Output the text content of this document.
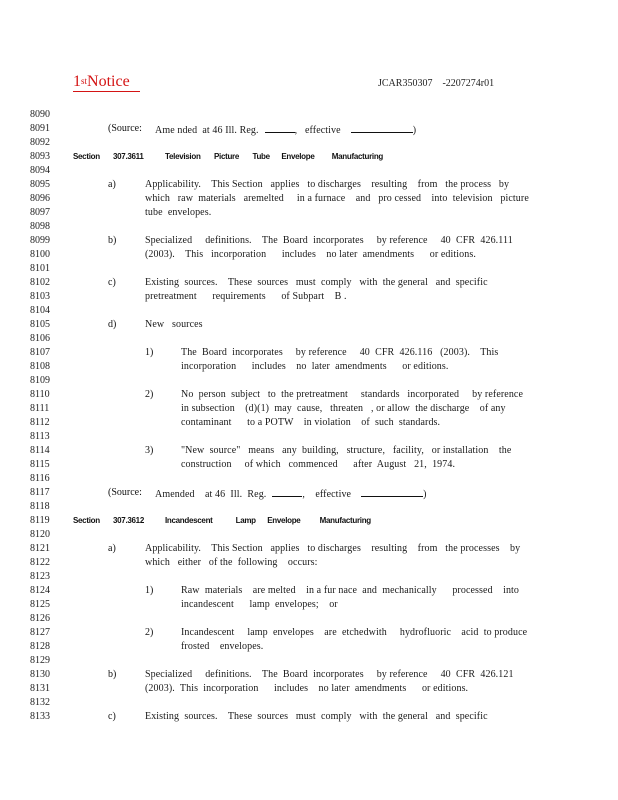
1stNotice	JCAR350307    -2207274r01
8090
8091	(Source: Ame nded  at 46 Ill. Reg.	,   effective	)
8092
8093	Section 307.3611	Television       Picture       Tube      Envelope         Manufacturing
8094
8095	a)	Applicability.    This Section   applies   to discharges    resulting    from   the process   by
8096	which   raw  materials   aremelted     in a furnace    and   pro cessed    into  television   picture
8097	tube  envelopes.
8098
8099	b)	Specialized     definitions.    The  Board  incorporates     by reference     40  CFR  426.111
8100	(2003).    This   incorporation      includes    no later  amendments      or editions.
8101
8102	c)	Existing  sources.    These  sources   must  comply   with  the general   and  specific
8103	pretreatment      requirements      of Subpart    B .
8104
8105	d)	New   sources
8106
8107	1)	The  Board  incorporates     by reference     40  CFR  426.116   (2003).    This
8108	incorporation      includes    no  later  amendments      or editions.
8109
8110	2)	No  person  subject   to  the pretreatment     standards   incorporated     by reference
8111	in subsection    (d)(1)  may  cause,   threaten   , or allow  the discharge    of any
8112	contaminant      to a POTW    in violation    of  such  standards.
8113
8114	3)	"New  source"   means   any  building,   structure,   facility,   or installation    the
8115	construction     of which   commenced      after  August   21,  1974.
8116
8117	(Source: Amended    at 46  Ill.  Reg.	,    effective	)
8118
8119	Section 307.3612	Incandescent            Lamp      Envelope          Manufacturing
8120
8121	a)	Applicability.    This Section   applies   to discharges    resulting    from   the processes    by
8122	which   either   of the  following    occurs:
8123
8124	1)	Raw  materials    are melted    in a fur nace  and  mechanically      processed    into
8125	incandescent      lamp  envelopes;    or
8126
8127	2)	Incandescent     lamp  envelopes    are  etchedwith     hydrofluoric    acid  to produce
8128	frosted    envelopes.
8129
8130	b)	Specialized     definitions.    The  Board  incorporates     by reference     40  CFR  426.121
8131	(2003).  This  incorporation      includes    no later  amendments      or editions.
8132
8133	c)	Existing  sources.    These  sources   must  comply   with  the general   and  specific
